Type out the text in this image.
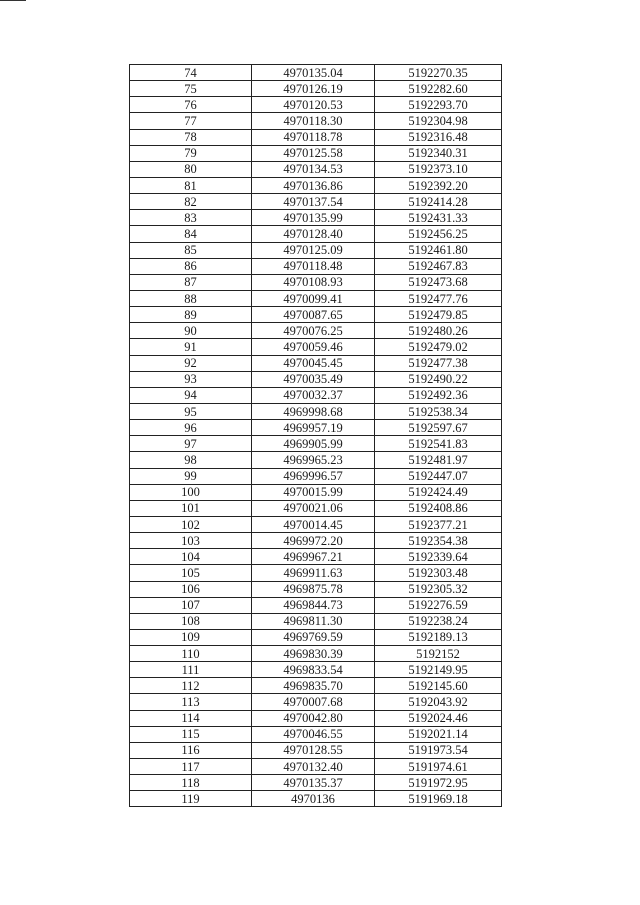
74	4970135.04	5192270.35
75	4970126.19	5192282.60
76	4970120.53	5192293.70
77	4970118.30	5192304.98
78	4970118.78	5192316.48
79	4970125.58	5192340.31
80	4970134.53	5192373.10
81	4970136.86	5192392.20
82	4970137.54	5192414.28
83	4970135.99	5192431.33
84	4970128.40	5192456.25
85	4970125.09	5192461.80
86	4970118.48	5192467.83
87	4970108.93	5192473.68
88	4970099.41	5192477.76
89	4970087.65	5192479.85
90	4970076.25	5192480.26
91	4970059.46	5192479.02
92	4970045.45	5192477.38
93	4970035.49	5192490.22
94	4970032.37	5192492.36
95	4969998.68	5192538.34
96	4969957.19	5192597.67
97	4969905.99	5192541.83
98	4969965.23	5192481.97
99	4969996.57	5192447.07
100	4970015.99	5192424.49
101	4970021.06	5192408.86
102	4970014.45	5192377.21
103	4969972.20	5192354.38
104	4969967.21	5192339.64
105	4969911.63	5192303.48
106	4969875.78	5192305.32
107	4969844.73	5192276.59
108	4969811.30	5192238.24
109	4969769.59	5192189.13
110	4969830.39	5192152
111	4969833.54	5192149.95
112	4969835.70	5192145.60
113	4970007.68	5192043.92
114	4970042.80	5192024.46
115	4970046.55	5192021.14
116	4970128.55	5191973.54
117	4970132.40	5191974.61
118	4970135.37	5191972.95
119	4970136	5191969.18
